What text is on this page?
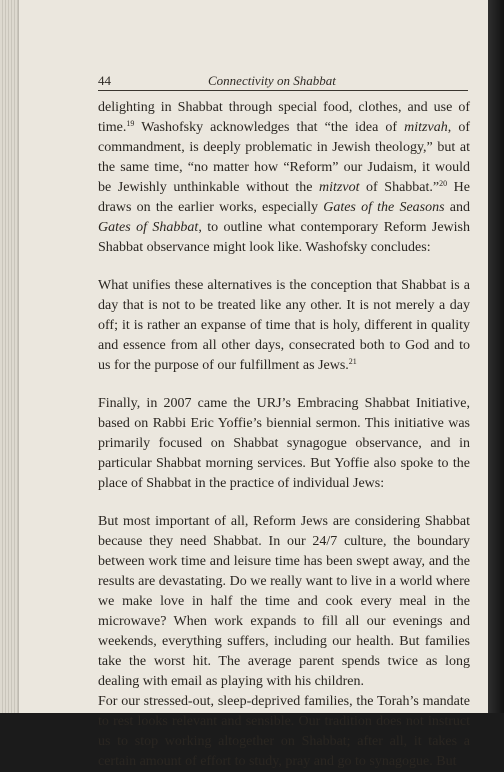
44	Connectivity on Shabbat

delighting in Shabbat through special food, clothes, and use of time.$^{19}$ Washofsky acknowledges that “the idea of mitzvah, of commandment, is deeply problematic in Jewish theology,” but at the same time, “no matter how “Reform” our Judaism, it would be Jewishly unthinkable without the mitzvot of Shabbat.”$^{20}$ He draws on the earlier works, especially Gates of the Seasons and Gates of Shabbat, to outline what contemporary Reform Jewish Shabbat observance might look like. Washofsky concludes:

What unifies these alternatives is the conception that Shabbat is a day that is not to be treated like any other. It is not merely a day off; it is rather an expanse of time that is holy, different in quality and essence from all other days, consecrated both to God and to us for the purpose of our fulfillment as Jews.$^{21}$

Finally, in 2007 came the URJ’s Embracing Shabbat Initiative, based on Rabbi Eric Yoffie’s biennial sermon. This initiative was primarily focused on Shabbat synagogue observance, and in particular Shabbat morning services. But Yoffie also spoke to the place of Shabbat in the practice of individual Jews:

But most important of all, Reform Jews are considering Shabbat because they need Shabbat. In our 24/7 culture, the boundary between work time and leisure time has been swept away, and the results are devastating. Do we really want to live in a world where we make love in half the time and cook every meal in the microwave? When work expands to fill all our evenings and weekends, everything suffers, including our health. But families take the worst hit. The average parent spends twice as long dealing with email as playing with his children.

For our stressed-out, sleep-deprived families, the Torah’s mandate to rest looks relevant and sensible. Our tradition does not instruct us to stop working altogether on Shabbat; after all, it takes a certain amount of effort to study, pray and go to synagogue. But
